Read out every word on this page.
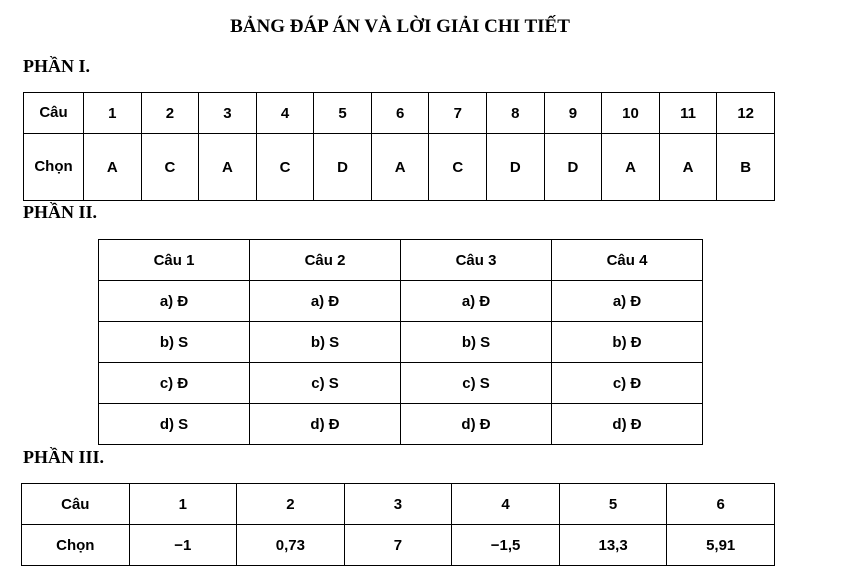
BẢNG ĐÁP ÁN VÀ LỜI GIẢI CHI TIẾT
PHẦN I.
Câu	1	2	3	4	5	6	7	8	9	10	11	12
Chọn	A	C	A	C	D	A	C	D	D	A	A	B
PHẦN II.
Câu 1	Câu 2	Câu 3	Câu 4
a) Đ	a) Đ	a) Đ	a) Đ
b) S	b) S	b) S	b) Đ
c) Đ	c) S	c) S	c) Đ
d) S	d) Đ	d) Đ	d) Đ
PHẦN III.
Câu	1	2	3	4	5	6
Chọn	−1	0,73	7	−1,5	13,3	5,91
